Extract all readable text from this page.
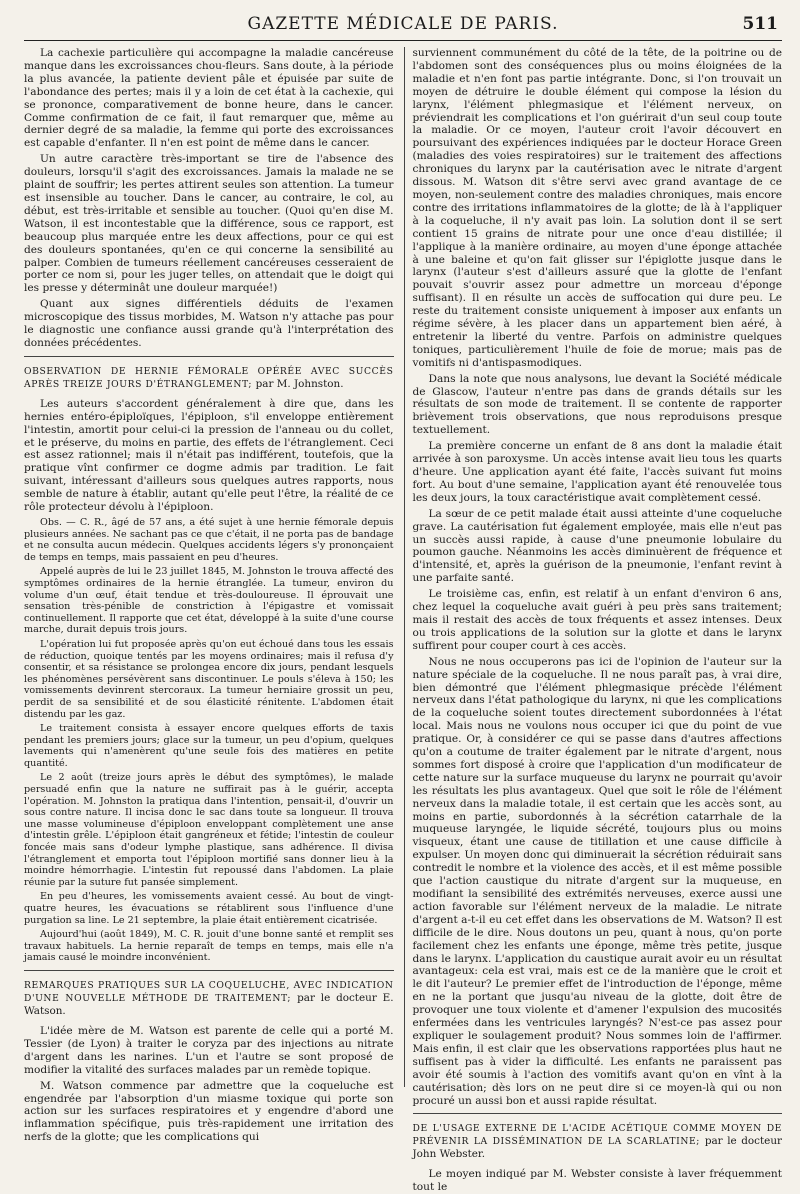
GAZETTE MÉDICALE DE PARIS.	511

La cachexie particulière qui accompagne la maladie cancéreuse manque dans les excroissances chou-fleurs. Sans doute, à la période la plus avancée, la patiente devient pâle et épuisée par suite de l'abondance des pertes; mais il y a loin de cet état à la cachexie, qui se prononce, comparativement de bonne heure, dans le cancer. Comme confirmation de ce fait, il faut remarquer que, même au dernier degré de sa maladie, la femme qui porte des excroissances est capable d'enfanter. Il n'en est point de même dans le cancer.

Un autre caractère très-important se tire de l'absence des douleurs, lorsqu'il s'agit des excroissances. Jamais la malade ne se plaint de souffrir; les pertes attirent seules son attention. La tumeur est insensible au toucher. Dans le cancer, au contraire, le col, au début, est très-irritable et sensible au toucher. (Quoi qu'en dise M. Watson, il est incontestable que la différence, sous ce rapport, est beaucoup plus marquée entre les deux affections, pour ce qui est des douleurs spontanées, qu'en ce qui concerne la sensibilité au palper. Combien de tumeurs réellement cancéreuses cesseraient de porter ce nom si, pour les juger telles, on attendait que le doigt qui les presse y déterminât une douleur marquée!)

Quant aux signes différentiels déduits de l'examen microscopique des tissus morbides, M. Watson n'y attache pas pour le diagnostic une confiance aussi grande qu'à l'interprétation des données précédentes.

OBSERVATION DE HERNIE FÉMORALE OPÉRÉE AVEC SUCCÈS APRÈS TREIZE JOURS D'ÉTRANGLEMENT; par M. Johnston.

Les auteurs s'accordent généralement à dire que, dans les hernies entéro-épiploïques, l'épiploon, s'il enveloppe entièrement l'intestin, amortit pour celui-ci la pression de l'anneau ou du collet, et le préserve, du moins en partie, des effets de l'étranglement. Ceci est assez rationnel; mais il n'était pas indifférent, toutefois, que la pratique vînt confirmer ce dogme admis par tradition. Le fait suivant, intéressant d'ailleurs sous quelques autres rapports, nous semble de nature à établir, autant qu'elle peut l'être, la réalité de ce rôle protecteur dévolu à l'épiploon.

Obs. — C. R., âgé de 57 ans, a été sujet à une hernie fémorale depuis plusieurs années. Ne sachant pas ce que c'était, il ne porta pas de bandage et ne consulta aucun médecin. Quelques accidents légers s'y prononçaient de temps en temps, mais passaient en peu d'heures.

Appelé auprès de lui le 23 juillet 1845, M. Johnston le trouva affecté des symptômes ordinaires de la hernie étranglée. La tumeur, environ du volume d'un œuf, était tendue et très-douloureuse. Il éprouvait une sensation très-pénible de constriction à l'épigastre et vomissait continuellement. Il rapporte que cet état, développé à la suite d'une course marche, durait depuis trois jours.

L'opération lui fut proposée après qu'on eut échoué dans tous les essais de réduction, quoique tentés par les moyens ordinaires; mais il refusa d'y consentir, et sa résistance se prolongea encore dix jours, pendant lesquels les phénomènes persévèrent sans discontinuer. Le pouls s'éleva à 150; les vomissements devinrent stercoraux. La tumeur herniaire grossit un peu, perdit de sa sensibilité et de sou élasticité rénitente. L'abdomen était distendu par les gaz.

Le traitement consista à essayer encore quelques efforts de taxis pendant les premiers jours; glace sur la tumeur, un peu d'opium, quelques lavements qui n'amenèrent qu'une seule fois des matières en petite quantité.

Le 2 août (treize jours après le début des symptômes), le malade persuadé enfin que la nature ne suffirait pas à le guérir, accepta l'opération. M. Johnston la pratiqua dans l'intention, pensait-il, d'ouvrir un sous contre nature. Il incisa donc le sac dans toute sa longueur. Il trouva une masse volumineuse d'épiploon enveloppant complètement une anse d'intestin grêle. L'épiploon était gangréneux et fétide; l'intestin de couleur foncée mais sans d'odeur lymphe plastique, sans adhérence. Il divisa l'étranglement et emporta tout l'épiploon mortifié sans donner lieu à la moindre hémorrhagie. L'intestin fut repoussé dans l'abdomen. La plaie réunie par la suture fut pansée simplement.

En peu d'heures, les vomissements avaient cessé. Au bout de vingt-quatre heures, les évacuations se rétablirent sous l'influence d'une purgation sa line. Le 21 septembre, la plaie était entièrement cicatrisée.

Aujourd'hui (août 1849), M. C. R. jouit d'une bonne santé et remplit ses travaux habituels. La hernie reparaît de temps en temps, mais elle n'a jamais causé le moindre inconvénient.

REMARQUES PRATIQUES SUR LA COQUELUCHE, AVEC INDICATION D'UNE NOUVELLE MÉTHODE DE TRAITEMENT; par le docteur E. Watson.

L'idée mère de M. Watson est parente de celle qui a porté M. Tessier (de Lyon) à traiter le coryza par des injections au nitrate d'argent dans les narines. L'un et l'autre se sont proposé de modifier la vitalité des surfaces malades par un remède topique.

M. Watson commence par admettre que la coqueluche est engendrée par l'absorption d'un miasme toxique qui porte son action sur les surfaces respiratoires et y engendre d'abord une inflammation spécifique, puis très-rapidement une irritation des nerfs de la glotte; que les complications qui

surviennent communément du côté de la tête, de la poitrine ou de l'abdomen sont des conséquences plus ou moins éloignées de la maladie et n'en font pas partie intégrante. Donc, si l'on trouvait un moyen de détruire le double élément qui compose la lésion du larynx, l'élément phlegmasique et l'élément nerveux, on préviendrait les complications et l'on guérirait d'un seul coup toute la maladie. Or ce moyen, l'auteur croit l'avoir découvert en poursuivant des expériences indiquées par le docteur Horace Green (maladies des voies respiratoires) sur le traitement des affections chroniques du larynx par la cautérisation avec le nitrate d'argent dissous. M. Watson dit s'être servi avec grand avantage de ce moyen, non-seulement contre des maladies chroniques, mais encore contre des irritations inflammatoires de la glotte; de là à l'appliquer à la coqueluche, il n'y avait pas loin. La solution dont il se sert contient 15 grains de nitrate pour une once d'eau distillée; il l'applique à la manière ordinaire, au moyen d'une éponge attachée à une baleine et qu'on fait glisser sur l'épiglotte jusque dans le larynx (l'auteur s'est d'ailleurs assuré que la glotte de l'enfant pouvait s'ouvrir assez pour admettre un morceau d'éponge suffisant). Il en résulte un accès de suffocation qui dure peu. Le reste du traitement consiste uniquement à imposer aux enfants un régime sévère, à les placer dans un appartement bien aéré, à entretenir la liberté du ventre. Parfois on administre quelques toniques, particulièrement l'huile de foie de morue; mais pas de vomitifs ni d'antispasmodiques.

Dans la note que nous analysons, lue devant la Société médicale de Glascow, l'auteur n'entre pas dans de grands détails sur les résultats de son mode de traitement. Il se contente de rapporter brièvement trois observations, que nous reproduisons presque textuellement.

La première concerne un enfant de 8 ans dont la maladie était arrivée à son paroxysme. Un accès intense avait lieu tous les quarts d'heure. Une application ayant été faite, l'accès suivant fut moins fort. Au bout d'une semaine, l'application ayant été renouvelée tous les deux jours, la toux caractéristique avait complètement cessé.

La sœur de ce petit malade était aussi atteinte d'une coqueluche grave. La cautérisation fut également employée, mais elle n'eut pas un succès aussi rapide, à cause d'une pneumonie lobulaire du poumon gauche. Néanmoins les accès diminuèrent de fréquence et d'intensité, et, après la guérison de la pneumonie, l'enfant revint à une parfaite santé.

Le troisième cas, enfin, est relatif à un enfant d'environ 6 ans, chez lequel la coqueluche avait guéri à peu près sans traitement; mais il restait des accès de toux fréquents et assez intenses. Deux ou trois applications de la solution sur la glotte et dans le larynx suffirent pour couper court à ces accès.

Nous ne nous occuperons pas ici de l'opinion de l'auteur sur la nature spéciale de la coqueluche. Il ne nous paraît pas, à vrai dire, bien démontré que l'élément phlegmasique précède l'élément nerveux dans l'état pathologique du larynx, ni que les complications de la coqueluche soient toutes directement subordonnées à l'état local. Mais nous ne voulons nous occuper ici que du point de vue pratique. Or, à considérer ce qui se passe dans d'autres affections qu'on a coutume de traiter également par le nitrate d'argent, nous sommes fort disposé à croire que l'application d'un modificateur de cette nature sur la surface muqueuse du larynx ne pourrait qu'avoir les résultats les plus avantageux. Quel que soit le rôle de l'élément nerveux dans la maladie totale, il est certain que les accès sont, au moins en partie, subordonnés à la sécrétion catarrhale de la muqueuse laryngée, le liquide sécrété, toujours plus ou moins visqueux, étant une cause de titillation et une cause difficile à expulser. Un moyen donc qui diminuerait la sécrétion réduirait sans contredit le nombre et la violence des accès, et il est même possible que l'action caustique du nitrate d'argent sur la muqueuse, en modifiant la sensibilité des extrémités nerveuses, exerce aussi une action favorable sur l'élément nerveux de la maladie. Le nitrate d'argent a-t-il eu cet effet dans les observations de M. Watson? Il est difficile de le dire. Nous doutons un peu, quant à nous, qu'on porte facilement chez les enfants une éponge, même très petite, jusque dans le larynx. L'application du caustique aurait avoir eu un résultat avantageux: cela est vrai, mais est ce de la manière que le croit et le dit l'auteur? Le premier effet de l'introduction de l'éponge, même en ne la portant que jusqu'au niveau de la glotte, doit être de provoquer une toux violente et d'amener l'expulsion des mucosités enfermées dans les ventricules laryngés? N'est-ce pas assez pour expliquer le soulagement produit? Nous sommes loin de l'affirmer. Mais enfin, il est clair que les observations rapportées plus haut ne suffisent pas à vider la difficulté. Les enfants ne paraissent pas avoir été soumis à l'action des vomitifs avant qu'on en vînt à la cautérisation; dès lors on ne peut dire si ce moyen-là qui ou non procuré un aussi bon et aussi rapide résultat.

DE L'USAGE EXTERNE DE L'ACIDE ACÉTIQUE COMME MOYEN DE PRÉVENIR LA DISSÉMINATION DE LA SCARLATINE; par le docteur John Webster.

Le moyen indiqué par M. Webster consiste à laver fréquemment tout le
